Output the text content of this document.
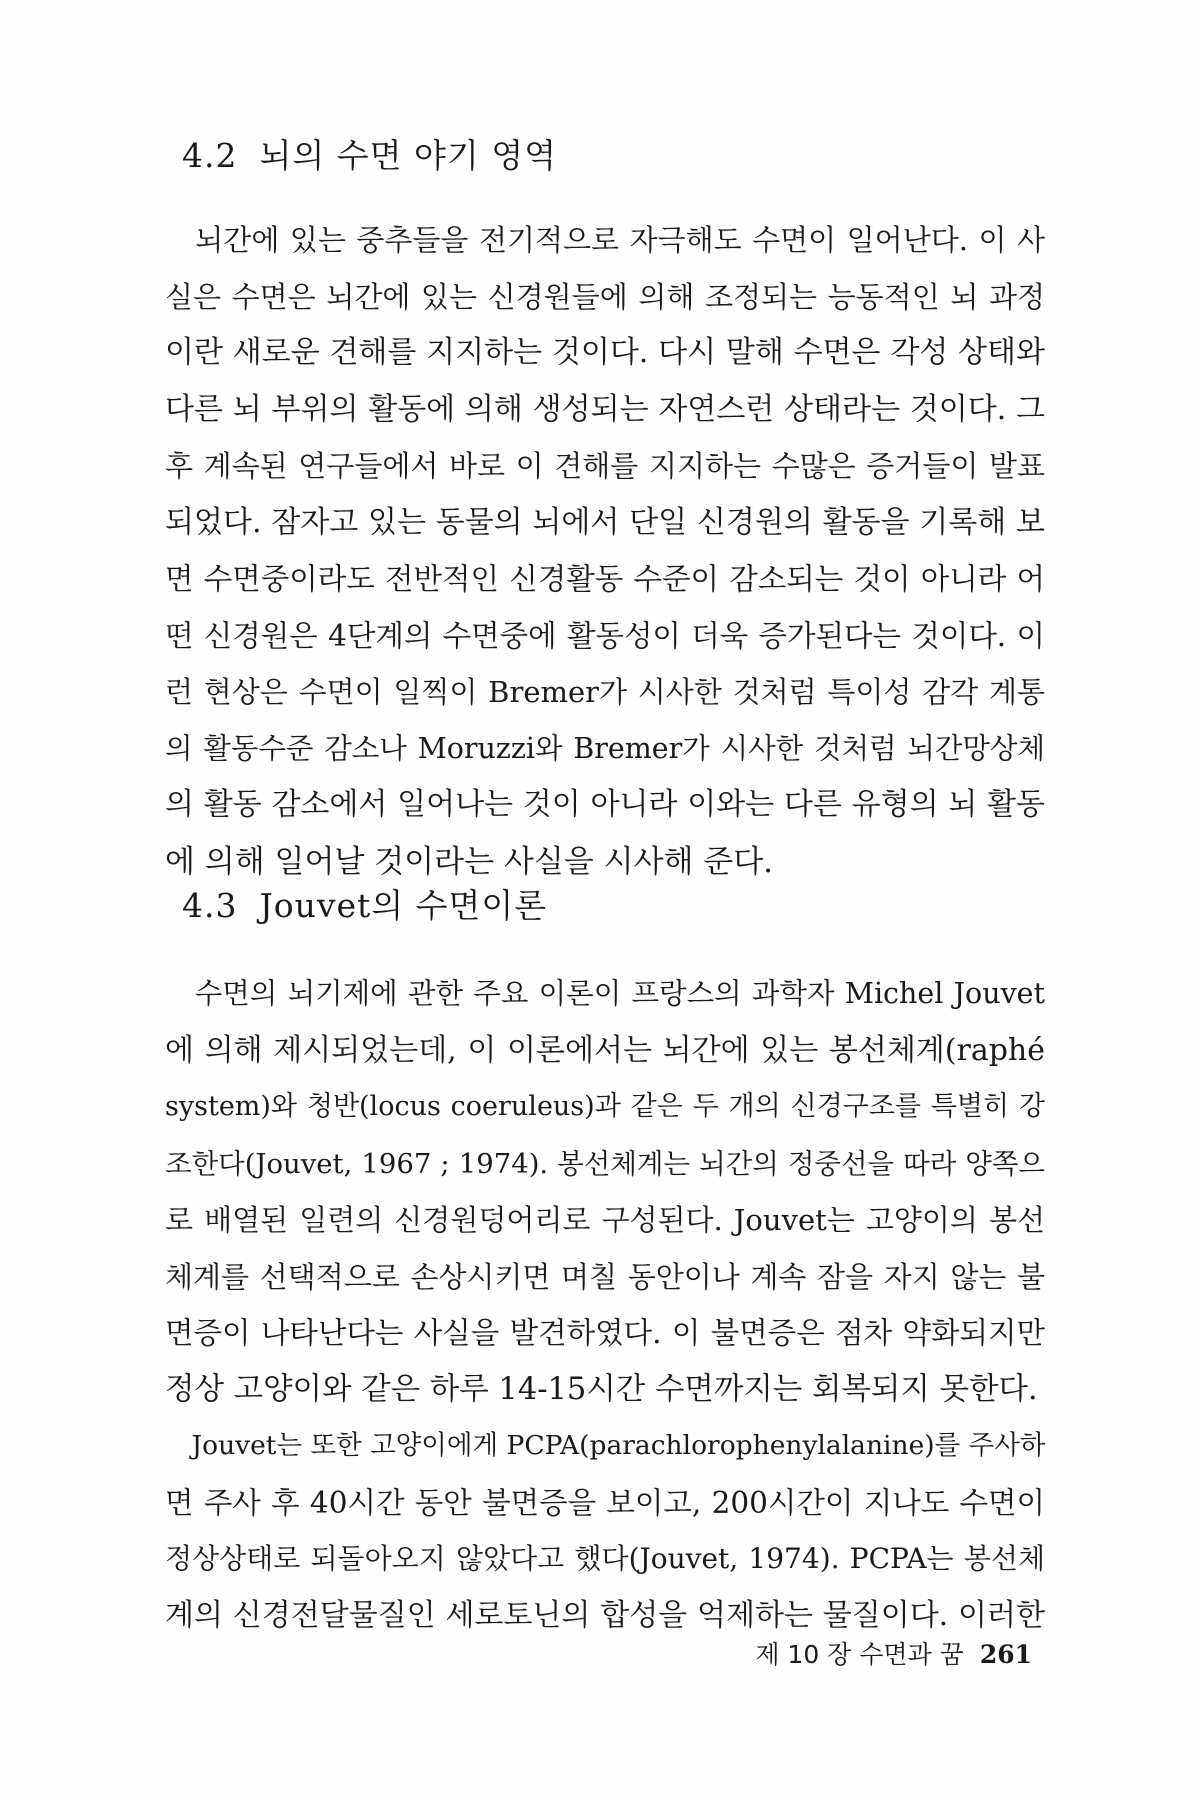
4.2 뇌의 수면 야기 영역

　뇌간에 있는 중추들을 전기적으로 자극해도 수면이 일어난다. 이 사
실은 수면은 뇌간에 있는 신경원들에 의해 조정되는 능동적인 뇌 과정
이란 새로운 견해를 지지하는 것이다. 다시 말해 수면은 각성 상태와
다른 뇌 부위의 활동에 의해 생성되는 자연스런 상태라는 것이다. 그
후 계속된 연구들에서 바로 이 견해를 지지하는 수많은 증거들이 발표
되었다. 잠자고 있는 동물의 뇌에서 단일 신경원의 활동을 기록해 보
면 수면중이라도 전반적인 신경활동 수준이 감소되는 것이 아니라 어
떤 신경원은 4단계의 수면중에 활동성이 더욱 증가된다는 것이다. 이
런 현상은 수면이 일찍이 Bremer가 시사한 것처럼 특이성 감각 계통
의 활동수준 감소나 Moruzzi와 Bremer가 시사한 것처럼 뇌간망상체
의 활동 감소에서 일어나는 것이 아니라 이와는 다른 유형의 뇌 활동
에 의해 일어날 것이라는 사실을 시사해 준다.

4.3 Jouvet의 수면이론

　수면의 뇌기제에 관한 주요 이론이 프랑스의 과학자 Michel Jouvet
에 의해 제시되었는데, 이 이론에서는 뇌간에 있는 봉선체계(raphé
system)와 청반(locus coeruleus)과 같은 두 개의 신경구조를 특별히 강
조한다(Jouvet, 1967 ; 1974). 봉선체계는 뇌간의 정중선을 따라 양쪽으
로 배열된 일련의 신경원덩어리로 구성된다. Jouvet는 고양이의 봉선
체계를 선택적으로 손상시키면 며칠 동안이나 계속 잠을 자지 않는 불
면증이 나타난다는 사실을 발견하였다. 이 불면증은 점차 약화되지만
정상 고양이와 같은 하루 14-15시간 수면까지는 회복되지 못한다.
　Jouvet는 또한 고양이에게 PCPA(parachlorophenylalanine)를 주사하
면 주사 후 40시간 동안 불면증을 보이고, 200시간이 지나도 수면이
정상상태로 되돌아오지 않았다고 했다(Jouvet, 1974). PCPA는 봉선체
계의 신경전달물질인 세로토닌의 합성을 억제하는 물질이다. 이러한

제 10 장 수면과 꿈 261
